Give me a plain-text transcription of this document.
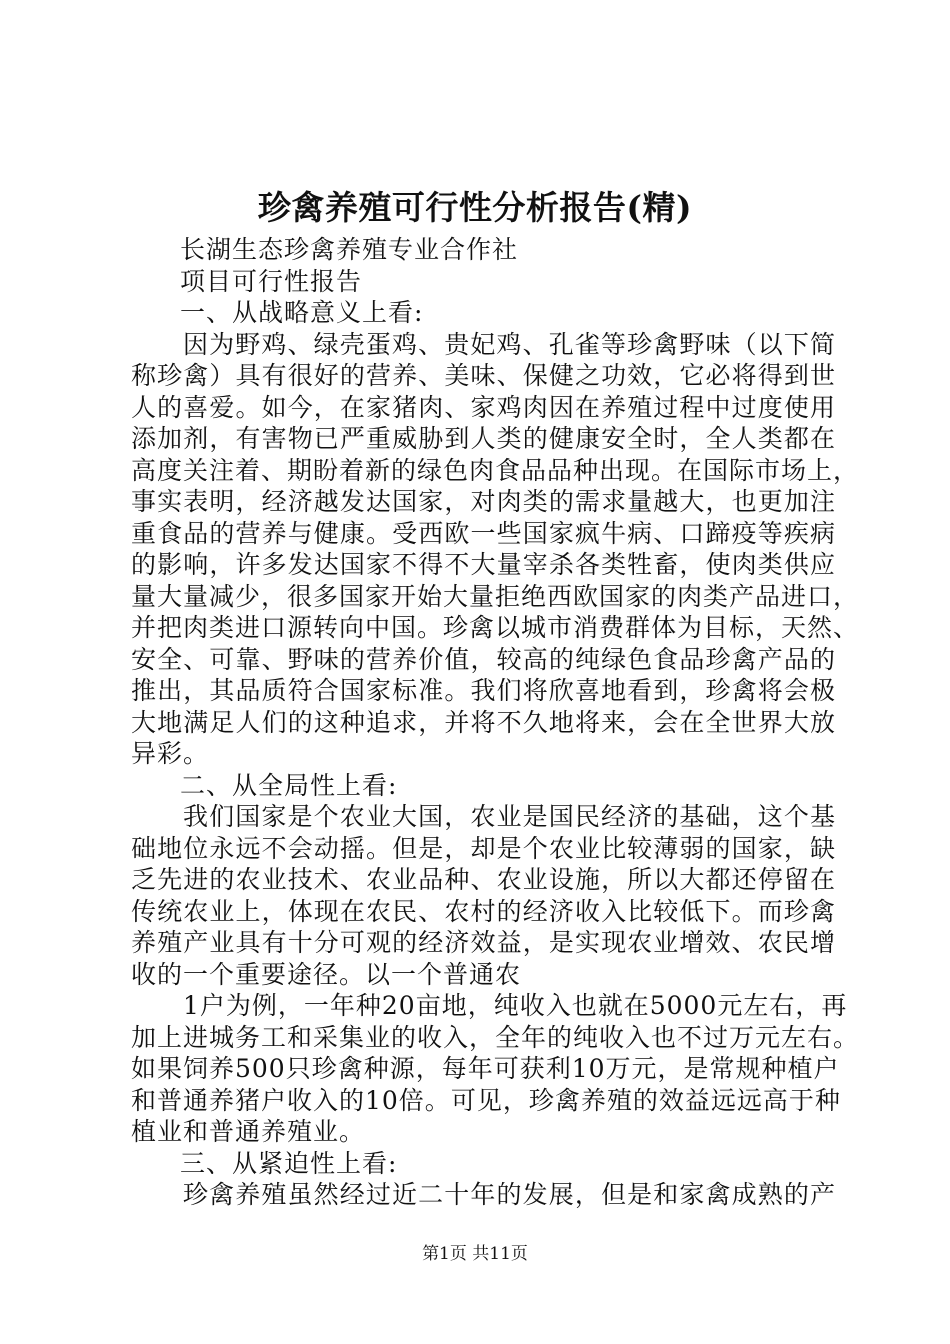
珍禽养殖可行性分析报告(精)
长湖生态珍禽养殖专业合作社
项目可行性报告
一、从战略意义上看:
因为野鸡、绿壳蛋鸡、贵妃鸡、孔雀等珍禽野味（以下简
称珍禽）具有很好的营养、美味、保健之功效，它必将得到世
人的喜爱。如今，在家猪肉、家鸡肉因在养殖过程中过度使用
添加剂，有害物已严重威胁到人类的健康安全时，全人类都在
高度关注着、期盼着新的绿色肉食品品种出现。在国际市场上，
事实表明，经济越发达国家，对肉类的需求量越大，也更加注
重食品的营养与健康。受西欧一些国家疯牛病、口蹄疫等疾病
的影响，许多发达国家不得不大量宰杀各类牲畜，使肉类供应
量大量减少，很多国家开始大量拒绝西欧国家的肉类产品进口，
并把肉类进口源转向中国。珍禽以城市消费群体为目标，天然、
安全、可靠、野味的营养价值，较高的纯绿色食品珍禽产品的
推出，其品质符合国家标准。我们将欣喜地看到，珍禽将会极
大地满足人们的这种追求，并将不久地将来，会在全世界大放
异彩。
二、从全局性上看:
我们国家是个农业大国，农业是国民经济的基础，这个基
础地位永远不会动摇。但是，却是个农业比较薄弱的国家，缺
乏先进的农业技术、农业品种、农业设施，所以大都还停留在
传统农业上，体现在农民、农村的经济收入比较低下。而珍禽
养殖产业具有十分可观的经济效益，是实现农业增效、农民增
收的一个重要途径。以一个普通农
1户为例，一年种20亩地，纯收入也就在5000元左右，再
加上进城务工和采集业的收入，全年的纯收入也不过万元左右。
如果饲养500只珍禽种源，每年可获利10万元，是常规种植户
和普通养猪户收入的10倍。可见，珍禽养殖的效益远远高于种
植业和普通养殖业。
三、从紧迫性上看:
珍禽养殖虽然经过近二十年的发展，但是和家禽成熟的产
第1页 共11页
